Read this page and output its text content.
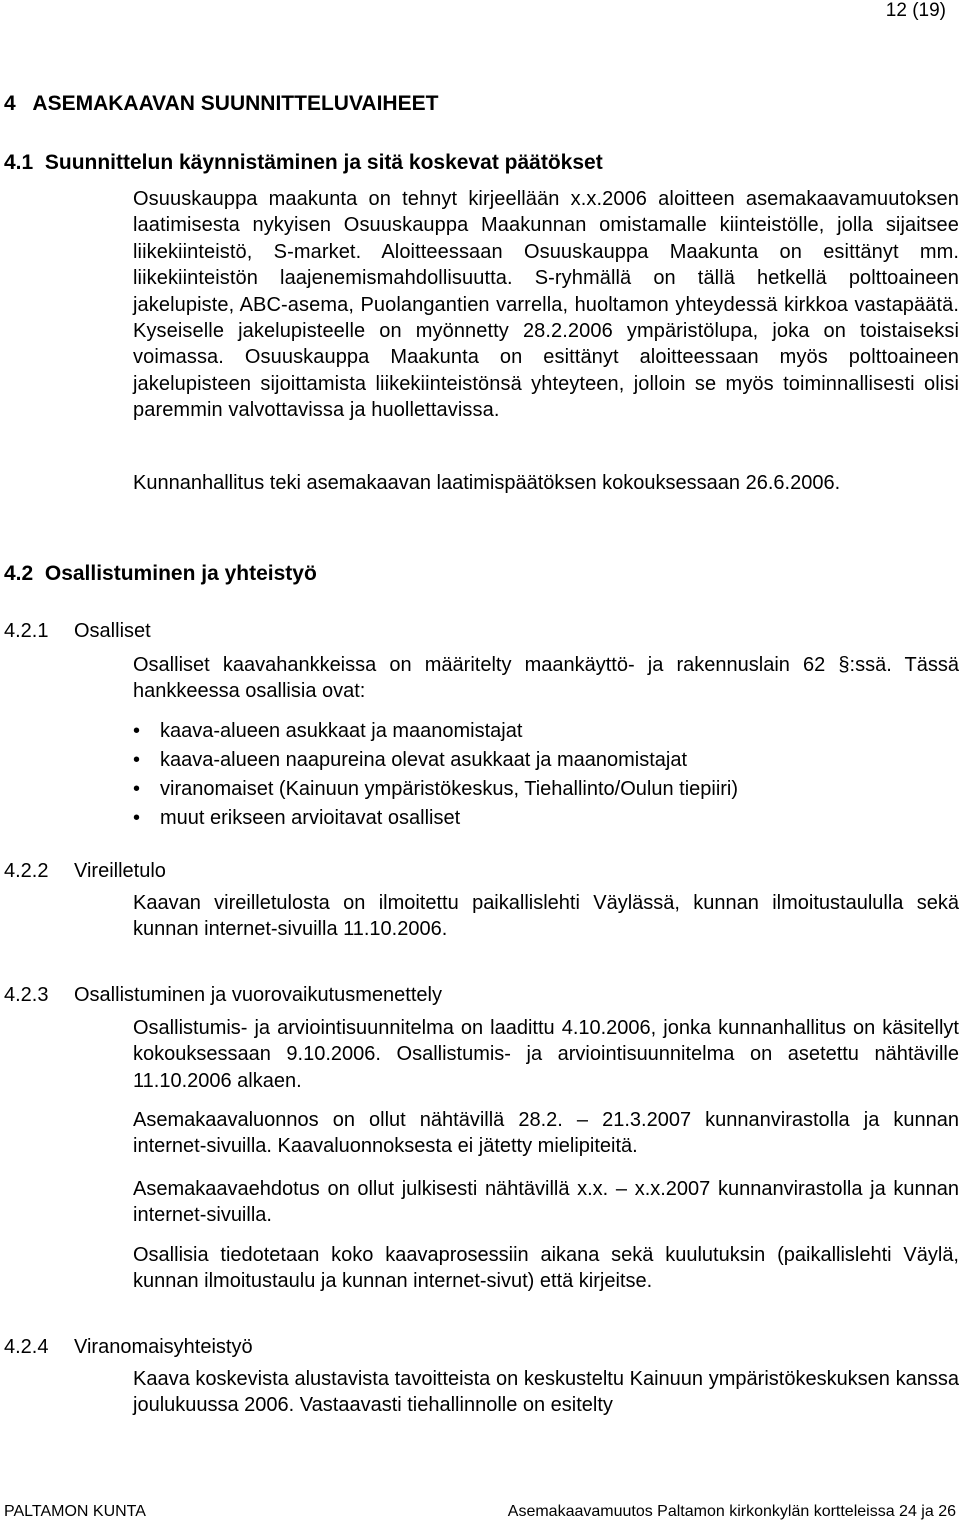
12 (19)
4   ASEMAKAAVAN SUUNNITTELUVAIHEET
4.1  Suunnittelun käynnistäminen ja sitä koskevat päätökset

Osuuskauppa maakunta on tehnyt kirjeellään x.x.2006 aloitteen asemakaavamuutoksen laatimisesta nykyisen Osuuskauppa Maakunnan omistamalle kiinteistölle, jolla sijaitsee liikekiinteistö, S-market. Aloitteessaan Osuuskauppa Maakunta on esittänyt mm. liikekiinteistön laajenemismahdollisuutta. S-ryhmällä on tällä hetkellä polttoaineen jakelupiste, ABC-asema, Puolangantien varrella, huoltamon yhteydessä kirkkoa vastapäätä. Kyseiselle jakelupisteelle on myönnetty 28.2.2006 ympäristölupa, joka on toistaiseksi voimassa. Osuuskauppa Maakunta on esittänyt aloitteessaan myös polttoaineen jakelupisteen sijoittamista liikekiinteistönsä yhteyteen, jolloin se myös toiminnallisesti olisi paremmin valvottavissa ja huollettavissa.

Kunnanhallitus teki asemakaavan laatimispäätöksen kokouksessaan 26.6.2006.

4.2  Osallistuminen ja yhteistyö
4.2.1 Osalliset

Osalliset kaavahankkeissa on määritelty maankäyttö- ja rakennuslain 62 §:ssä. Tässä hankkeessa osallisia ovat:

• kaava-alueen asukkaat ja maanomistajat
• kaava-alueen naapureina olevat asukkaat ja maanomistajat
• viranomaiset (Kainuun ympäristökeskus, Tiehallinto/Oulun tiepiiri)
• muut erikseen arvioitavat osalliset
4.2.2 Vireilletulo

Kaavan vireilletulosta on ilmoitettu paikallislehti Väylässä, kunnan ilmoitustaululla sekä kunnan internet-sivuilla 11.10.2006.

4.2.3 Osallistuminen ja vuorovaikutusmenettely

Osallistumis- ja arviointisuunnitelma on laadittu 4.10.2006, jonka kunnanhallitus on käsitellyt kokouksessaan 9.10.2006. Osallistumis- ja arviointisuunnitelma on asetettu nähtäville 11.10.2006 alkaen.

Asemakaavaluonnos on ollut nähtävillä 28.2. – 21.3.2007 kunnanvirastolla ja kunnan internet-sivuilla. Kaavaluonnoksesta ei jätetty mielipiteitä.

Asemakaavaehdotus on ollut julkisesti nähtävillä x.x. – x.x.2007 kunnanvirastolla ja kunnan internet-sivuilla.

Osallisia tiedotetaan koko kaavaprosessiin aikana sekä kuulutuksin (paikallislehti Väylä, kunnan ilmoitustaulu ja kunnan internet-sivut) että kirjeitse.

4.2.4 Viranomaisyhteistyö

Kaava koskevista alustavista tavoitteista on keskusteltu Kainuun ympäristökeskuksen kanssa joulukuussa 2006. Vastaavasti tiehallinnolle on esitelty

PALTAMON KUNTA	Asemakaavamuutos Paltamon kirkonkylän kortteleissa 24 ja 26
